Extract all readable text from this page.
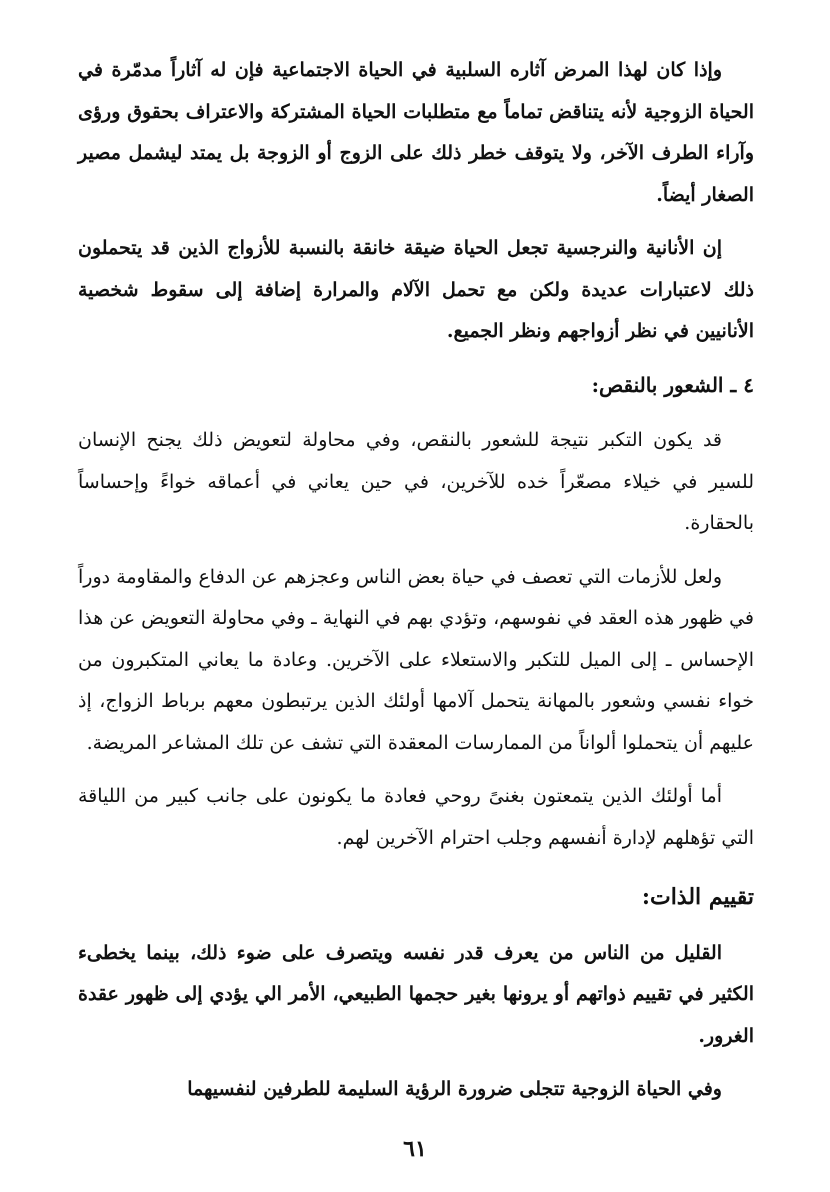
وإذا كان لهذا المرض آثاره السلبية في الحياة الاجتماعية فإن له آثاراً مدمّرة في الحياة الزوجية لأنه يتناقض تماماً مع متطلبات الحياة المشتركة والاعتراف بحقوق ورؤى وآراء الطرف الآخر، ولا يتوقف خطر ذلك على الزوج أو الزوجة بل يمتد ليشمل مصير الصغار أيضاً.

إن الأنانية والنرجسية تجعل الحياة ضيقة خانقة بالنسبة للأزواج الذين قد يتحملون ذلك لاعتبارات عديدة ولكن مع تحمل الآلام والمرارة إضافة إلى سقوط شخصية الأنانيين في نظر أزواجهم ونظر الجميع.

٤ ـ الشعور بالنقص:

قد يكون التكبر نتيجة للشعور بالنقص، وفي محاولة لتعويض ذلك يجنح الإنسان للسير في خيلاء مصعّراً خده للآخرين، في حين يعاني في أعماقه خواءً وإحساساً بالحقارة.

ولعل للأزمات التي تعصف في حياة بعض الناس وعجزهم عن الدفاع والمقاومة دوراً في ظهور هذه العقد في نفوسهم، وتؤدي بهم في النهاية ـ وفي محاولة التعويض عن هذا الإحساس ـ إلى الميل للتكبر والاستعلاء على الآخرين. وعادة ما يعاني المتكبرون من خواء نفسي وشعور بالمهانة يتحمل آلامها أولئك الذين يرتبطون معهم برباط الزواج، إذ عليهم أن يتحملوا ألواناً من الممارسات المعقدة التي تشف عن تلك المشاعر المريضة.

أما أولئك الذين يتمعتون بغنىً روحي فعادة ما يكونون على جانب كبير من اللياقة التي تؤهلهم لإدارة أنفسهم وجلب احترام الآخرين لهم.

تقييم الذات:

القليل من الناس من يعرف قدر نفسه ويتصرف على ضوء ذلك، بينما يخطىء الكثير في تقييم ذواتهم أو يرونها بغير حجمها الطبيعي، الأمر الي يؤدي إلى ظهور عقدة الغرور.

وفي الحياة الزوجية تتجلى ضرورة الرؤية السليمة للطرفين لنفسيهما

٦١
